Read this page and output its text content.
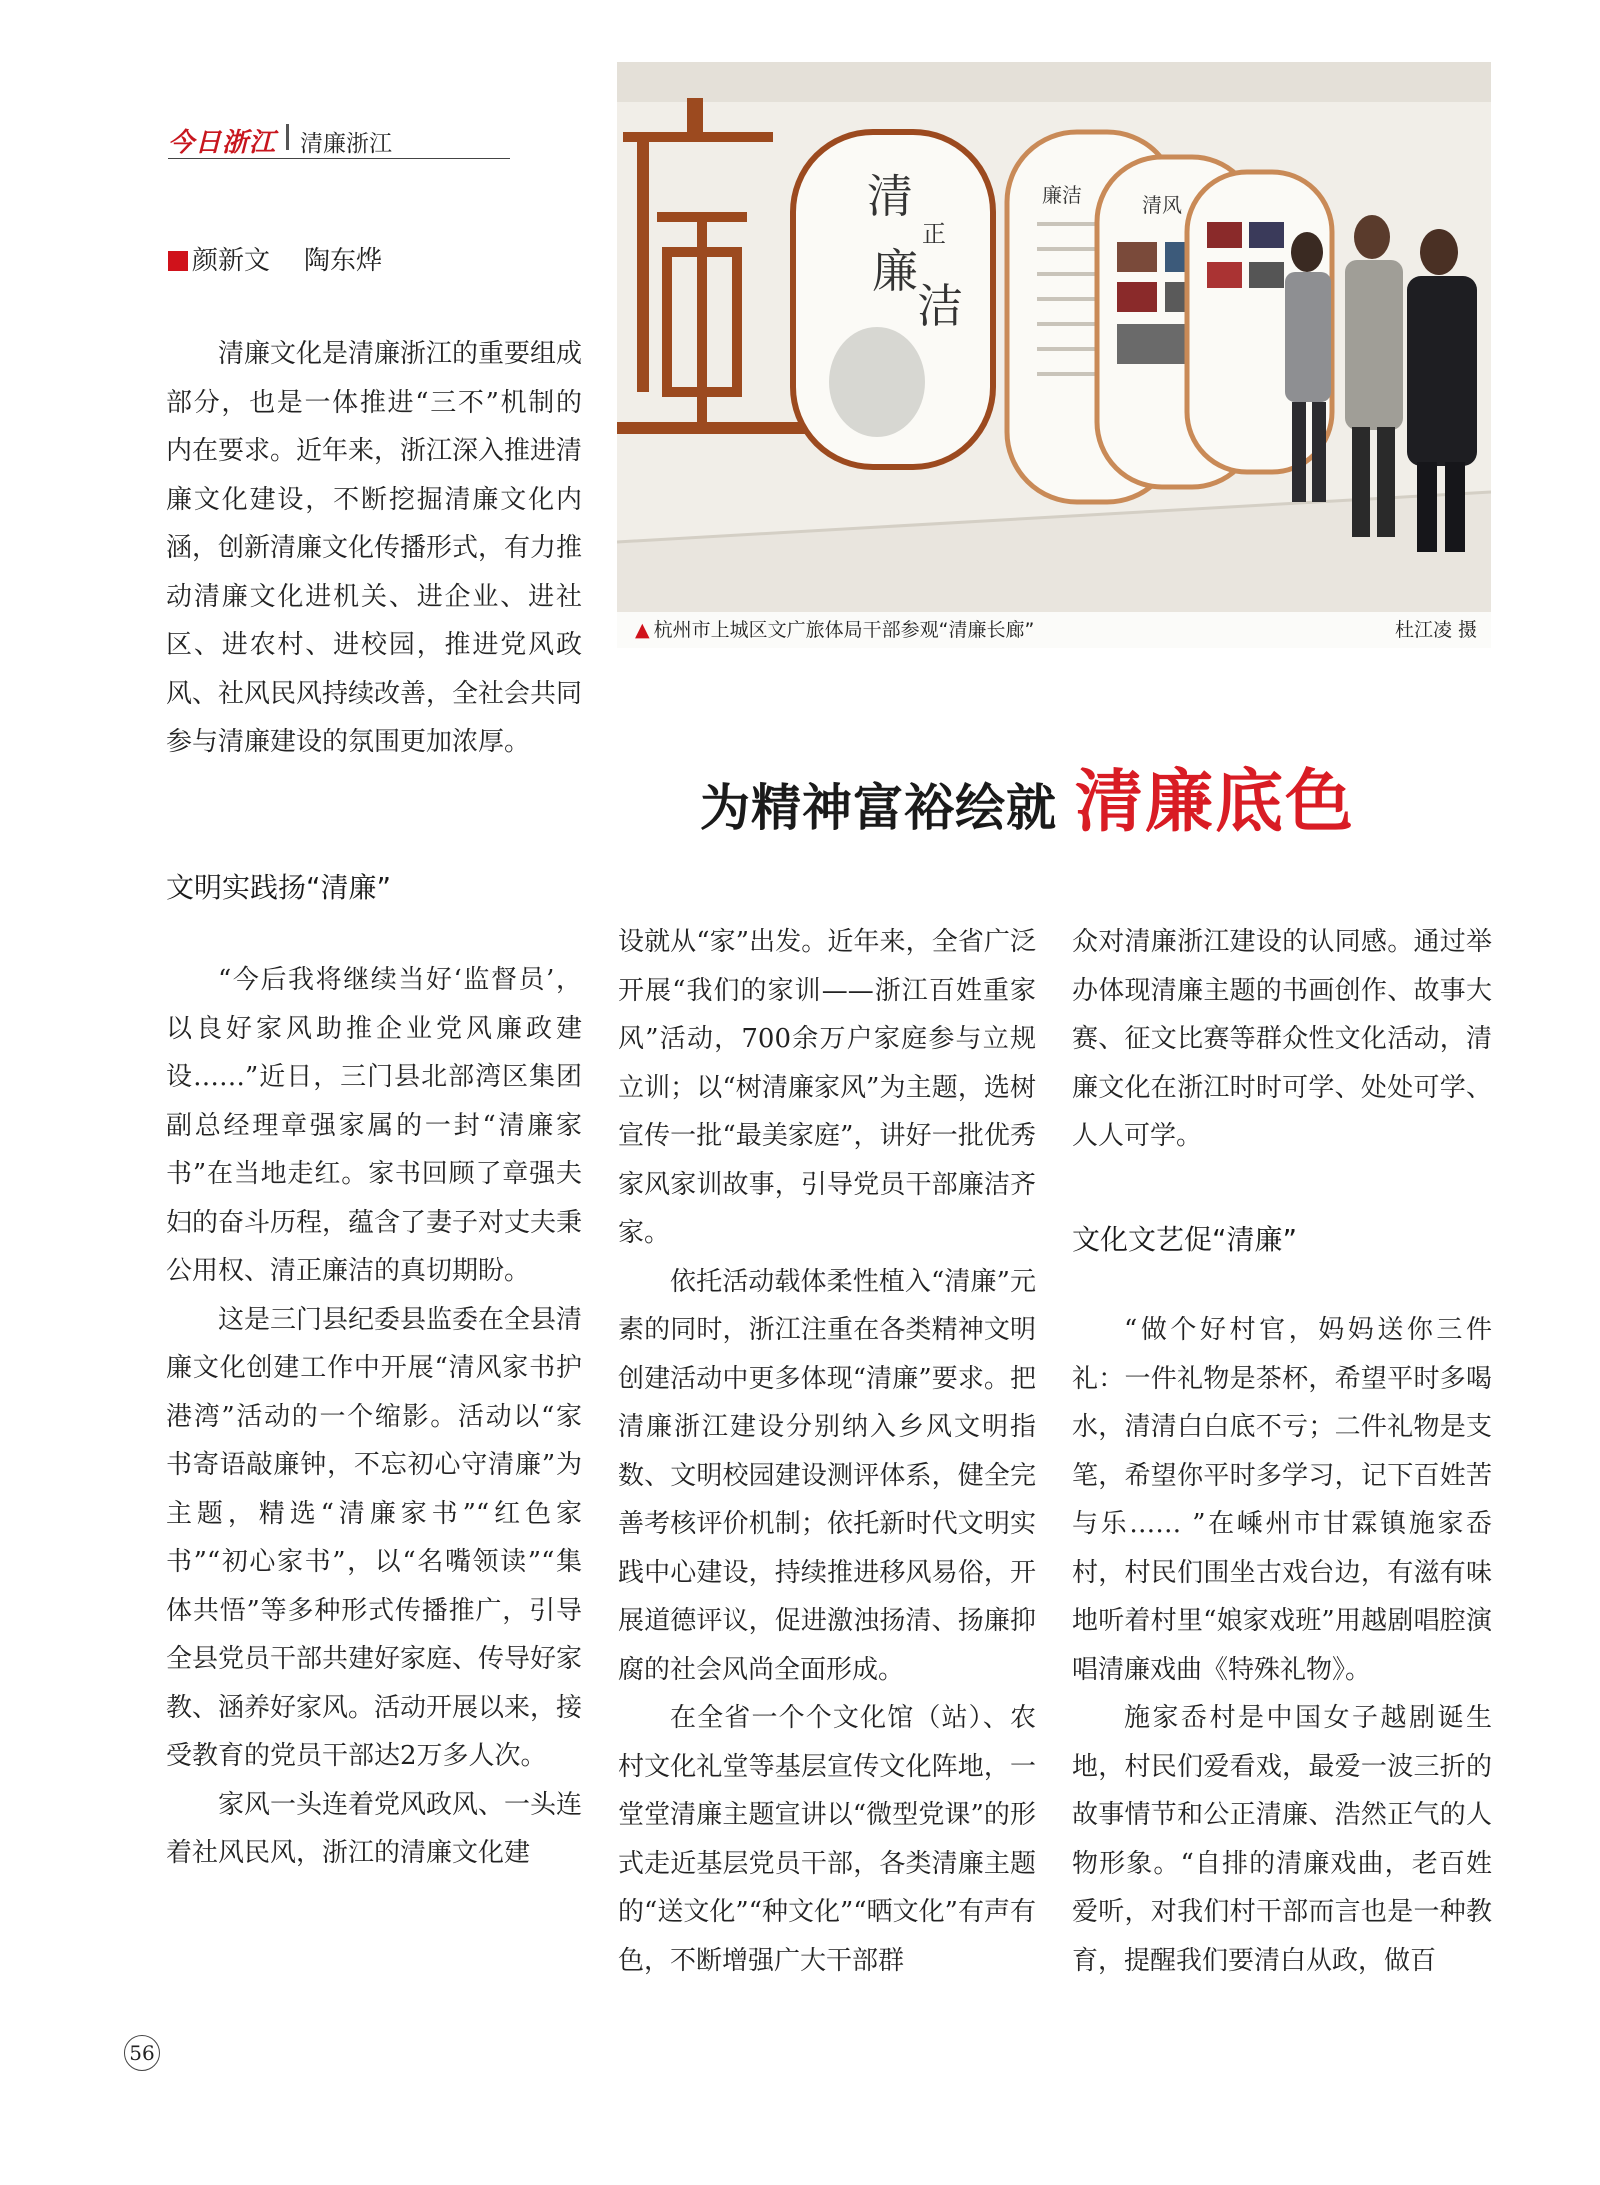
今日浙江 清廉浙江
颜新文 陶东烨
清
正
廉
洁
廉洁	清风
▲ 杭州市上城区文广旅体局干部参观“清廉长廊”	杜江凌 摄
为精神富裕绘就 清廉底色

清廉文化是清廉浙江的重要组成部分，也是一体推进“三不”机制的内在要求。近年来，浙江深入推进清廉文化建设，不断挖掘清廉文化内涵，创新清廉文化传播形式，有力推动清廉文化进机关、进企业、进社区、进农村、进校园，推进党风政风、社风民风持续改善，全社会共同参与清廉建设的氛围更加浓厚。

文明实践扬“清廉”

“今后我将继续当好‘监督员’，以良好家风助推企业党风廉政建设……”近日，三门县北部湾区集团副总经理章强家属的一封“清廉家书”在当地走红。家书回顾了章强夫妇的奋斗历程，蕴含了妻子对丈夫秉公用权、清正廉洁的真切期盼。

这是三门县纪委县监委在全县清廉文化创建工作中开展“清风家书护港湾”活动的一个缩影。活动以“家书寄语敲廉钟，不忘初心守清廉”为主题，精选“清廉家书”“红色家书”“初心家书”，以“名嘴领读”“集体共悟”等多种形式传播推广，引导全县党员干部共建好家庭、传导好家教、涵养好家风。活动开展以来，接受教育的党员干部达2万多人次。

家风一头连着党风政风、一头连着社风民风，浙江的清廉文化建

设就从“家”出发。近年来，全省广泛开展“我们的家训——浙江百姓重家风”活动，700余万户家庭参与立规立训；以“树清廉家风”为主题，选树宣传一批“最美家庭”，讲好一批优秀家风家训故事，引导党员干部廉洁齐家。

依托活动载体柔性植入“清廉”元素的同时，浙江注重在各类精神文明创建活动中更多体现“清廉”要求。把清廉浙江建设分别纳入乡风文明指数、文明校园建设测评体系，健全完善考核评价机制；依托新时代文明实践中心建设，持续推进移风易俗，开展道德评议，促进激浊扬清、扬廉抑腐的社会风尚全面形成。

在全省一个个文化馆（站）、农村文化礼堂等基层宣传文化阵地，一堂堂清廉主题宣讲以“微型党课”的形式走近基层党员干部，各类清廉主题的“送文化”“种文化”“晒文化”有声有色，不断增强广大干部群

众对清廉浙江建设的认同感。通过举办体现清廉主题的书画创作、故事大赛、征文比赛等群众性文化活动，清廉文化在浙江时时可学、处处可学、人人可学。

文化文艺促“清廉”

“做个好村官，妈妈送你三件礼：一件礼物是茶杯，希望平时多喝水，清清白白底不亏；二件礼物是支笔，希望你平时多学习，记下百姓苦与乐…… ”在嵊州市甘霖镇施家岙村，村民们围坐古戏台边，有滋有味地听着村里“娘家戏班”用越剧唱腔演唱清廉戏曲《特殊礼物》。

施家岙村是中国女子越剧诞生地，村民们爱看戏，最爱一波三折的故事情节和公正清廉、浩然正气的人物形象。“自排的清廉戏曲，老百姓爱听，对我们村干部而言也是一种教育，提醒我们要清白从政，做百

56
